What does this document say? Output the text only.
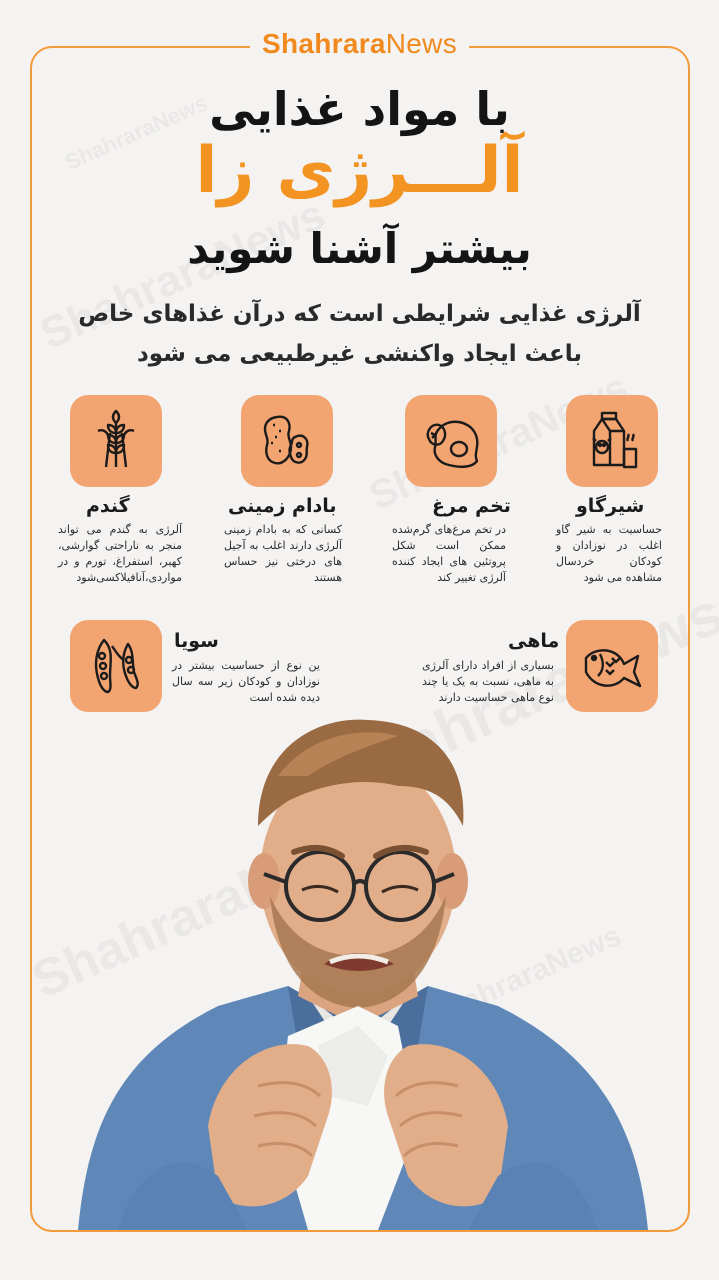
ShahraraNews
با مواد غذایی
آلـــرژی زا
بیشتر آشنا شوید
آلرژی غذایی شرایطی است که درآن غذاهای خاص
باعث ایجاد واکنشی غیرطبیعی می شود
شیرگاو
حساسیت به شیر گاو اغلب در نوزادان و کودکان خردسال مشاهده می شود
تخم مرغ
در تخم مرغ‌های گرم‌شده ممکن است شکل پروتئین های ایجاد کننده آلرژی تغییر کند
بادام زمینی
کسانی که به بادام زمینی آلرژی دارند اغلب به آجیل های درختی نیز حساس هستند
گندم
آلرژی به گندم می تواند منجر به ناراحتی گوارشی، کهیر، استفراغ، تورم و در مواردی،آنافیلاکسی‌شود
ماهی
بسیاری از افراد دارای آلرژی به ماهی، نسبت به یک یا چند نوع ماهی حساسیت دارند
سویا
ین نوع از حساسیت بیشتر در نوزادان و کودکان زیر سه سال دیده شده است
